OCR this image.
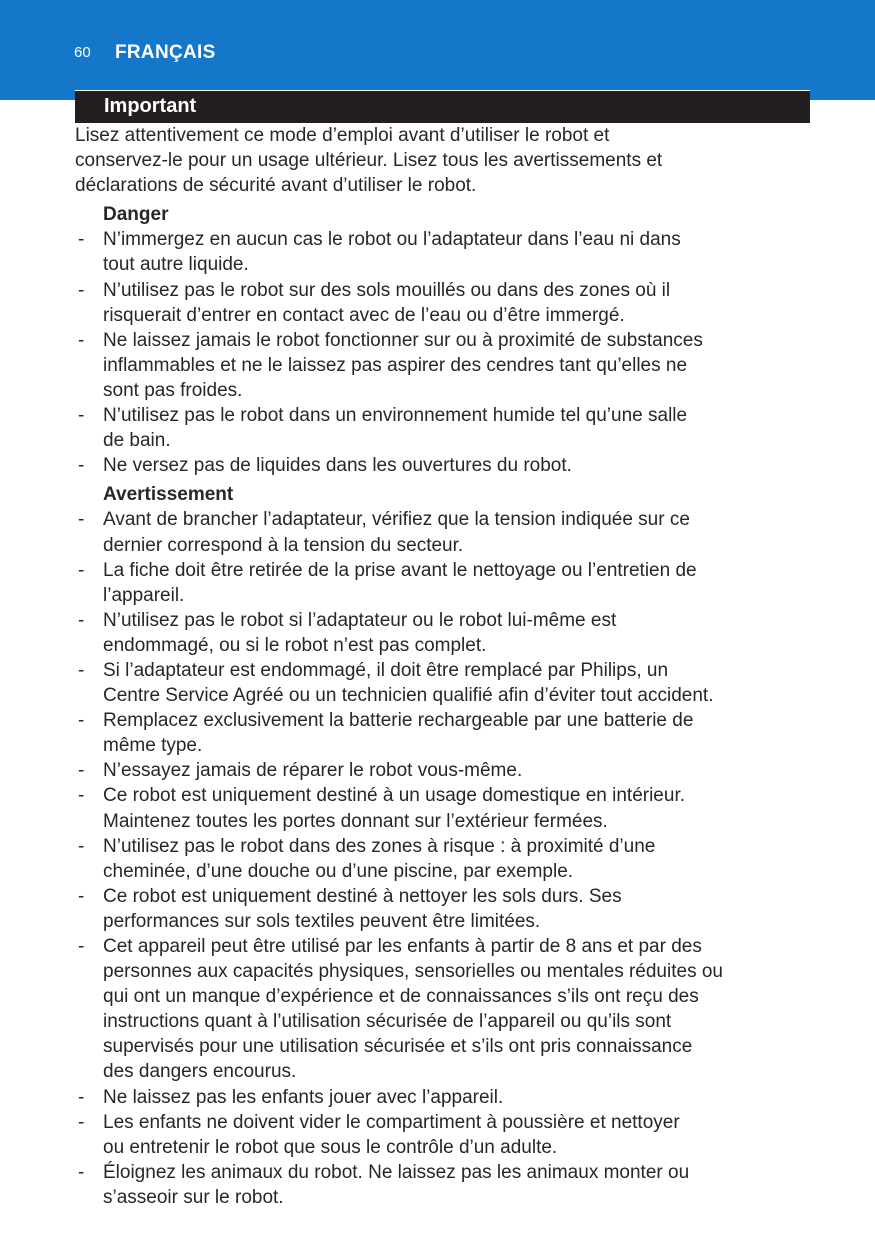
60 FRANÇAIS
Important
Lisez attentivement ce mode d’emploi avant d’utiliser le robot et
conservez-le pour un usage ultérieur. Lisez tous les avertissements et
déclarations de sécurité avant d’utiliser le robot.
Danger
- N’immergez en aucun cas le robot ou l’adaptateur dans l’eau ni dans
tout autre liquide.
- N’utilisez pas le robot sur des sols mouillés ou dans des zones où il
risquerait d’entrer en contact avec de l’eau ou d’être immergé.
- Ne laissez jamais le robot fonctionner sur ou à proximité de substances
inflammables et ne le laissez pas aspirer des cendres tant qu’elles ne
sont pas froides.
- N’utilisez pas le robot dans un environnement humide tel qu’une salle
de bain.
- Ne versez pas de liquides dans les ouvertures du robot.
Avertissement
- Avant de brancher l’adaptateur, vérifiez que la tension indiquée sur ce
dernier correspond à la tension du secteur.
- La fiche doit être retirée de la prise avant le nettoyage ou l’entretien de
l’appareil.
- N’utilisez pas le robot si l’adaptateur ou le robot lui-même est
endommagé, ou si le robot n’est pas complet.
- Si l’adaptateur est endommagé, il doit être remplacé par Philips, un
Centre Service Agréé ou un technicien qualifié afin d’éviter tout accident.
- Remplacez exclusivement la batterie rechargeable par une batterie de
même type.
- N’essayez jamais de réparer le robot vous-même.
- Ce robot est uniquement destiné à un usage domestique en intérieur.
Maintenez toutes les portes donnant sur l’extérieur fermées.
- N’utilisez pas le robot dans des zones à risque : à proximité d’une
cheminée, d’une douche ou d’une piscine, par exemple.
- Ce robot est uniquement destiné à nettoyer les sols durs. Ses
performances sur sols textiles peuvent être limitées.
- Cet appareil peut être utilisé par les enfants à partir de 8 ans et par des
personnes aux capacités physiques, sensorielles ou mentales réduites ou
qui ont un manque d’expérience et de connaissances s’ils ont reçu des
instructions quant à l’utilisation sécurisée de l’appareil ou qu’ils sont
supervisés pour une utilisation sécurisée et s’ils ont pris connaissance
des dangers encourus.
- Ne laissez pas les enfants jouer avec l’appareil.
- Les enfants ne doivent vider le compartiment à poussière et nettoyer
ou entretenir le robot que sous le contrôle d’un adulte.
- Éloignez les animaux du robot. Ne laissez pas les animaux monter ou
s’asseoir sur le robot.
